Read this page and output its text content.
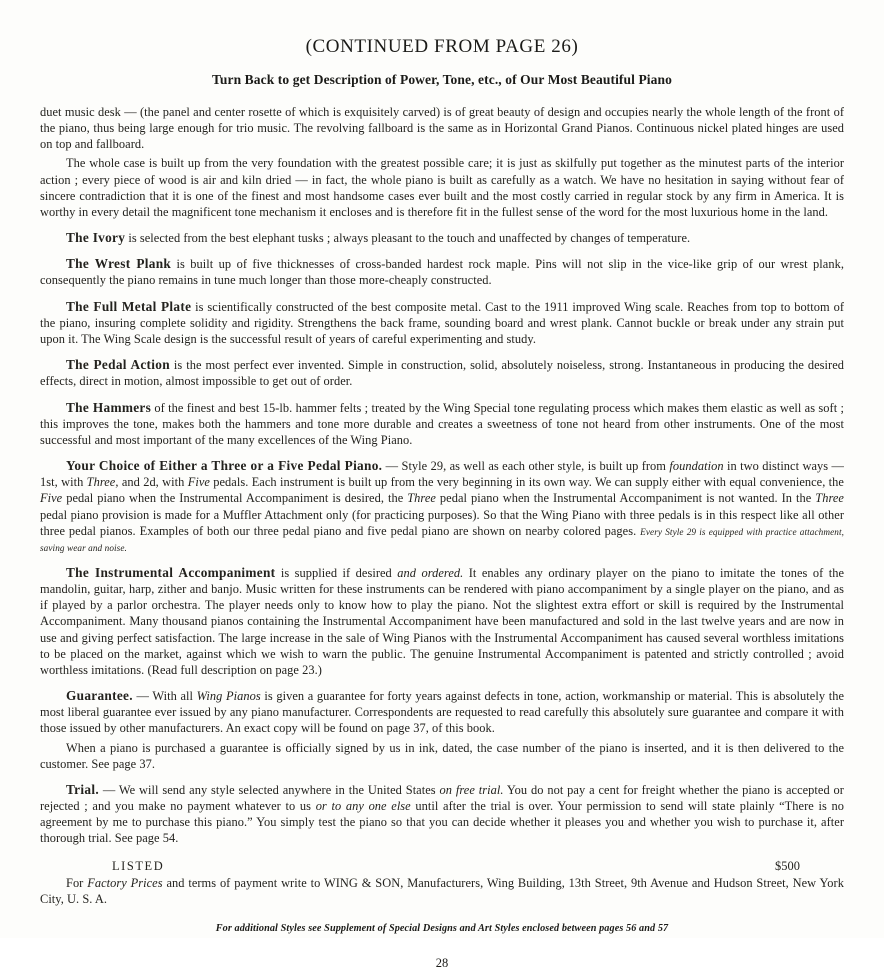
(CONTINUED FROM PAGE 26)
Turn Back to get Description of Power, Tone, etc., of Our Most Beautiful Piano

duet music desk — (the panel and center rosette of which is exquisitely carved) is of great beauty of design and occupies nearly the whole length of the front of the piano, thus being large enough for trio music. The revolving fallboard is the same as in Horizontal Grand Pianos. Continuous nickel plated hinges are used on top and fallboard.

The whole case is built up from the very foundation with the greatest possible care; it is just as skilfully put together as the minutest parts of the interior action ; every piece of wood is air and kiln dried — in fact, the whole piano is built as carefully as a watch. We have no hesitation in saying without fear of sincere contradiction that it is one of the finest and most handsome cases ever built and the most costly carried in regular stock by any firm in America. It is worthy in every detail the magnificent tone mechanism it encloses and is therefore fit in the fullest sense of the word for the most luxurious home in the land.

The Ivory is selected from the best elephant tusks ; always pleasant to the touch and unaffected by changes of temperature.

The Wrest Plank is built up of five thicknesses of cross-banded hardest rock maple. Pins will not slip in the vice-like grip of our wrest plank, consequently the piano remains in tune much longer than those more-cheaply constructed.

The Full Metal Plate is scientifically constructed of the best composite metal. Cast to the 1911 improved Wing scale. Reaches from top to bottom of the piano, insuring complete solidity and rigidity. Strengthens the back frame, sounding board and wrest plank. Cannot buckle or break under any strain put upon it. The Wing Scale design is the successful result of years of careful experimenting and study.

The Pedal Action is the most perfect ever invented. Simple in construction, solid, absolutely noiseless, strong. Instantaneous in producing the desired effects, direct in motion, almost impossible to get out of order.

The Hammers of the finest and best 15-lb. hammer felts ; treated by the Wing Special tone regulating process which makes them elastic as well as soft ; this improves the tone, makes both the hammers and tone more durable and creates a sweetness of tone not heard from other instruments. One of the most successful and most important of the many excellences of the Wing Piano.

Your Choice of Either a Three or a Five Pedal Piano. — Style 29, as well as each other style, is built up from foundation in two distinct ways — 1st, with Three, and 2d, with Five pedals. Each instrument is built up from the very beginning in its own way. We can supply either with equal convenience, the Five pedal piano when the Instrumental Accompaniment is desired, the Three pedal piano when the Instrumental Accompaniment is not wanted. In the Three pedal piano provision is made for a Muffler Attachment only (for practicing purposes). So that the Wing Piano with three pedals is in this respect like all other three pedal pianos. Examples of both our three pedal piano and five pedal piano are shown on nearby colored pages. Every Style 29 is equipped with practice attachment, saving wear and noise.

The Instrumental Accompaniment is supplied if desired and ordered. It enables any ordinary player on the piano to imitate the tones of the mandolin, guitar, harp, zither and banjo. Music written for these instruments can be rendered with piano accompaniment by a single player on the piano, and as if played by a parlor orchestra. The player needs only to know how to play the piano. Not the slightest extra effort or skill is required by the Instrumental Accompaniment. Many thousand pianos containing the Instrumental Accompaniment have been manufactured and sold in the last twelve years and are now in use and giving perfect satisfaction. The large increase in the sale of Wing Pianos with the Instrumental Accompaniment has caused several worthless imitations to be placed on the market, against which we wish to warn the public. The genuine Instrumental Accompaniment is patented and strictly controlled ; avoid worthless imitations. (Read full description on page 23.)

Guarantee. — With all Wing Pianos is given a guarantee for forty years against defects in tone, action, workmanship or material. This is absolutely the most liberal guarantee ever issued by any piano manufacturer. Correspondents are requested to read carefully this absolutely sure guarantee and compare it with those issued by other manufacturers. An exact copy will be found on page 37, of this book.

When a piano is purchased a guarantee is officially signed by us in ink, dated, the case number of the piano is inserted, and it is then delivered to the customer. See page 37.

Trial. — We will send any style selected anywhere in the United States on free trial. You do not pay a cent for freight whether the piano is accepted or rejected ; and you make no payment whatever to us or to any one else until after the trial is over. Your permission to send will state plainly “There is no agreement by me to purchase this piano.” You simply test the piano so that you can decide whether it pleases you and whether you wish to purchase it, after thorough trial. See page 54.

LISTED	$500

For Factory Prices and terms of payment write to WING & SON, Manufacturers, Wing Building, 13th Street, 9th Avenue and Hudson Street, New York City, U. S. A.

For additional Styles see Supplement of Special Designs and Art Styles enclosed between pages 56 and 57
28
